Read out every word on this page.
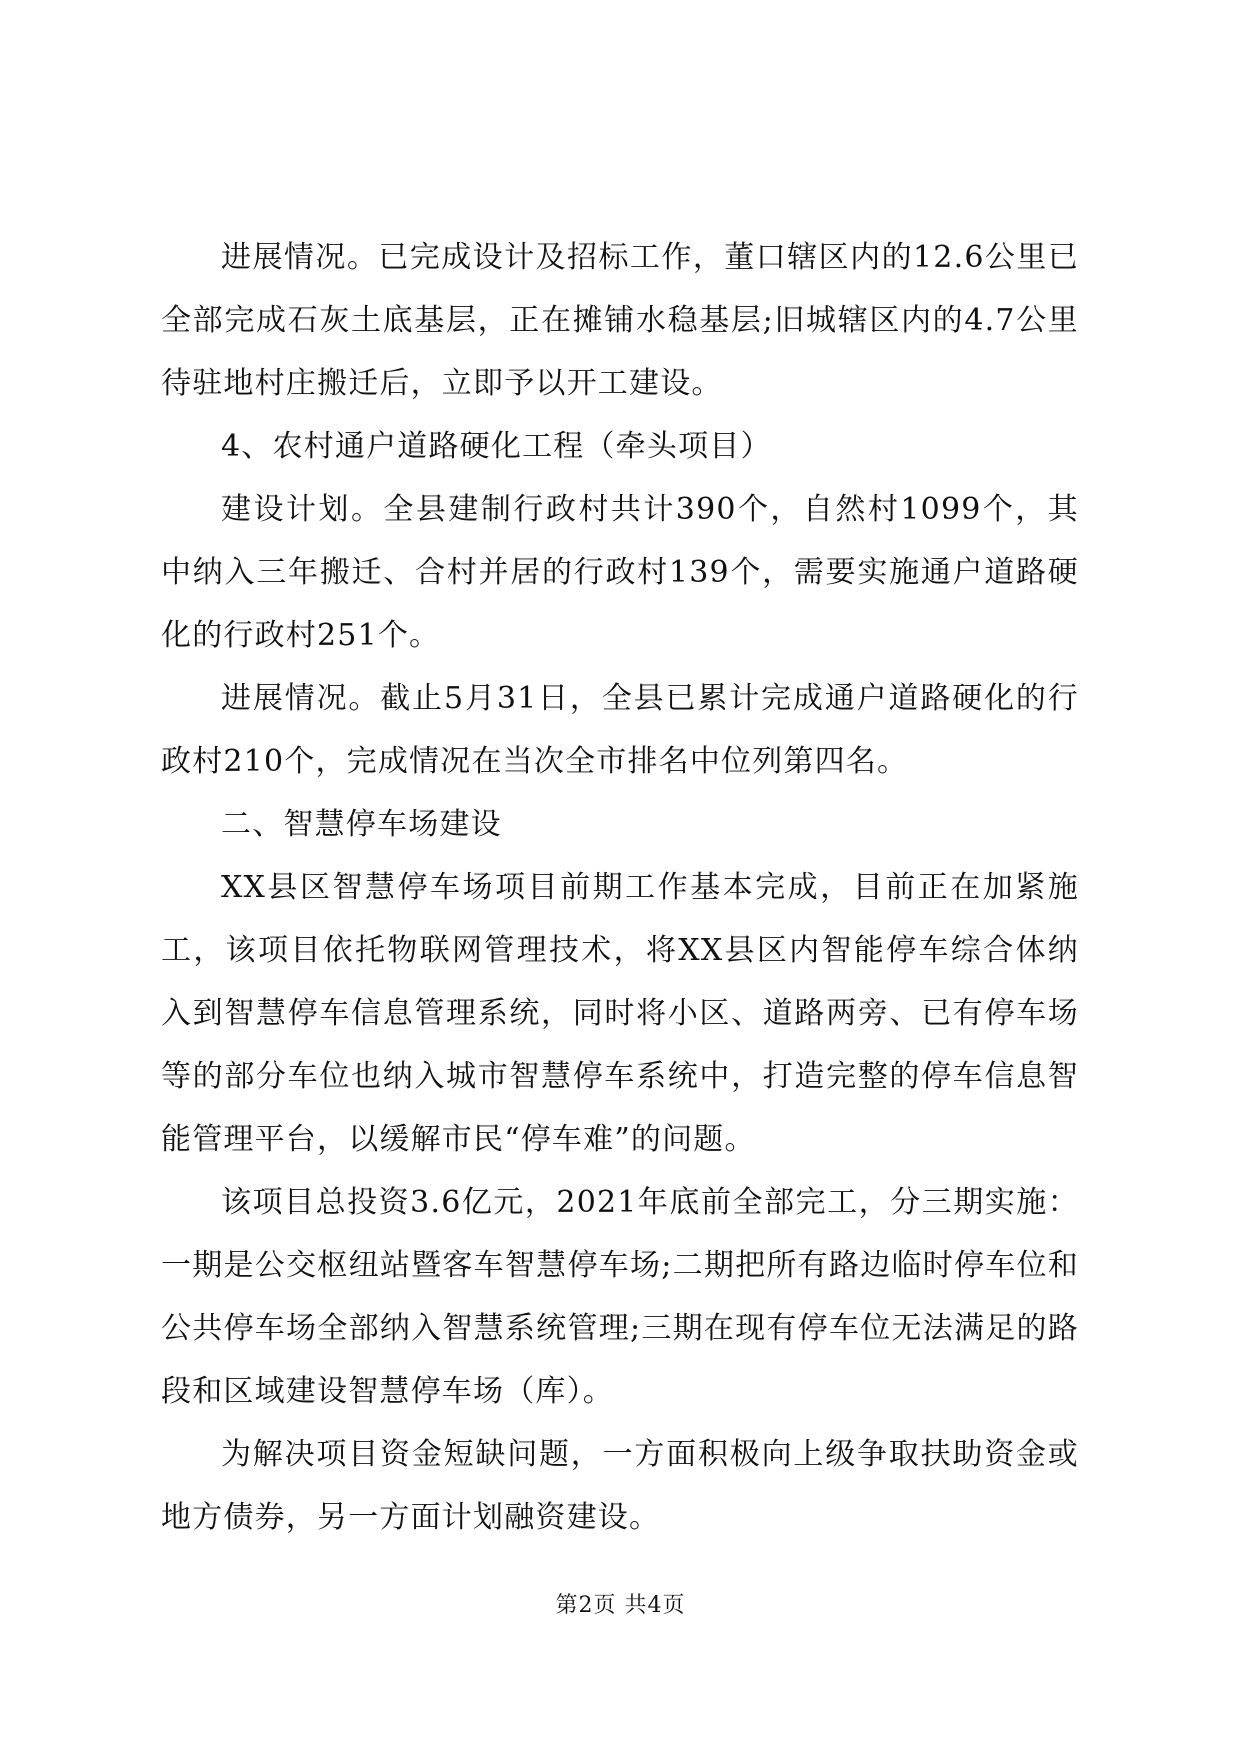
进展情况。已完成设计及招标工作，董口辖区内的12.6公里已全部完成石灰土底基层，正在摊铺水稳基层;旧城辖区内的4.7公里待驻地村庄搬迁后，立即予以开工建设。

4、农村通户道路硬化工程（牵头项目）

建设计划。全县建制行政村共计390个，自然村1099个，其中纳入三年搬迁、合村并居的行政村139个，需要实施通户道路硬化的行政村251个。

进展情况。截止5月31日，全县已累计完成通户道路硬化的行政村210个，完成情况在当次全市排名中位列第四名。

二、智慧停车场建设

XX县区智慧停车场项目前期工作基本完成，目前正在加紧施工，该项目依托物联网管理技术，将XX县区内智能停车综合体纳入到智慧停车信息管理系统，同时将小区、道路两旁、已有停车场等的部分车位也纳入城市智慧停车系统中，打造完整的停车信息智能管理平台，以缓解市民“停车难”的问题。

该项目总投资3.6亿元，2021年底前全部完工，分三期实施：一期是公交枢纽站暨客车智慧停车场;二期把所有路边临时停车位和公共停车场全部纳入智慧系统管理;三期在现有停车位无法满足的路段和区域建设智慧停车场（库）。

为解决项目资金短缺问题，一方面积极向上级争取扶助资金或地方债券，另一方面计划融资建设。

第2页 共4页
